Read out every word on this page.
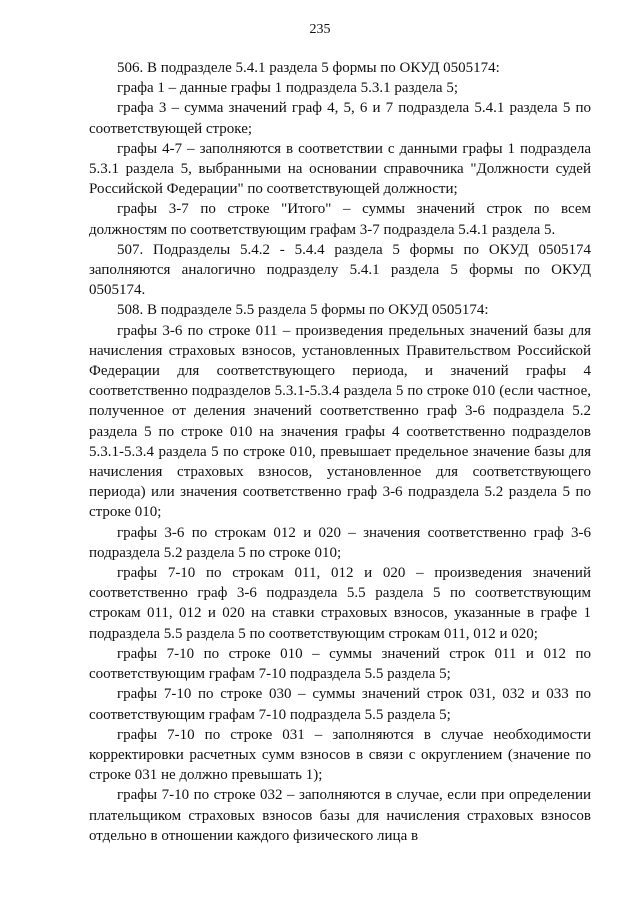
235

506. В подразделе 5.4.1 раздела 5 формы по ОКУД 0505174:

графа 1 – данные графы 1 подраздела 5.3.1 раздела 5;

графа 3 – сумма значений граф 4, 5, 6 и 7 подраздела 5.4.1 раздела 5 по соответствующей строке;

графы 4-7 – заполняются в соответствии с данными графы 1 подраздела 5.3.1 раздела 5, выбранными на основании справочника "Должности судей Российской Федерации" по соответствующей должности;

графы 3-7 по строке "Итого" – суммы значений строк по всем должностям по соответствующим графам 3-7 подраздела 5.4.1 раздела 5.

507. Подразделы 5.4.2 - 5.4.4 раздела 5 формы по ОКУД 0505174 заполняются аналогично подразделу 5.4.1 раздела 5 формы по ОКУД 0505174.

508. В подразделе 5.5 раздела 5 формы по ОКУД 0505174:

графы 3-6 по строке 011 – произведения предельных значений базы для начисления страховых взносов, установленных Правительством Российской Федерации для соответствующего периода, и значений графы 4 соответственно подразделов 5.3.1-5.3.4 раздела 5 по строке 010 (если частное, полученное от деления значений соответственно граф 3-6 подраздела 5.2 раздела 5 по строке 010 на значения графы 4 соответственно подразделов 5.3.1-5.3.4 раздела 5 по строке 010, превышает предельное значение базы для начисления страховых взносов, установленное для соответствующего периода) или значения соответственно граф 3-6 подраздела 5.2 раздела 5 по строке 010;

графы 3-6 по строкам 012 и 020 – значения соответственно граф 3-6 подраздела 5.2 раздела 5 по строке 010;

графы 7-10 по строкам 011, 012 и 020 – произведения значений соответственно граф 3-6 подраздела 5.5 раздела 5 по соответствующим строкам 011, 012 и 020 на ставки страховых взносов, указанные в графе 1 подраздела 5.5 раздела 5 по соответствующим строкам 011, 012 и 020;

графы 7-10 по строке 010 – суммы значений строк 011 и 012 по соответствующим графам 7-10 подраздела 5.5 раздела 5;

графы 7-10 по строке 030 – суммы значений строк 031, 032 и 033 по соответствующим графам 7-10 подраздела 5.5 раздела 5;

графы 7-10 по строке 031 – заполняются в случае необходимости корректировки расчетных сумм взносов в связи с округлением (значение по строке 031 не должно превышать 1);

графы 7-10 по строке 032 – заполняются в случае, если при определении плательщиком страховых взносов базы для начисления страховых взносов отдельно в отношении каждого физического лица в
